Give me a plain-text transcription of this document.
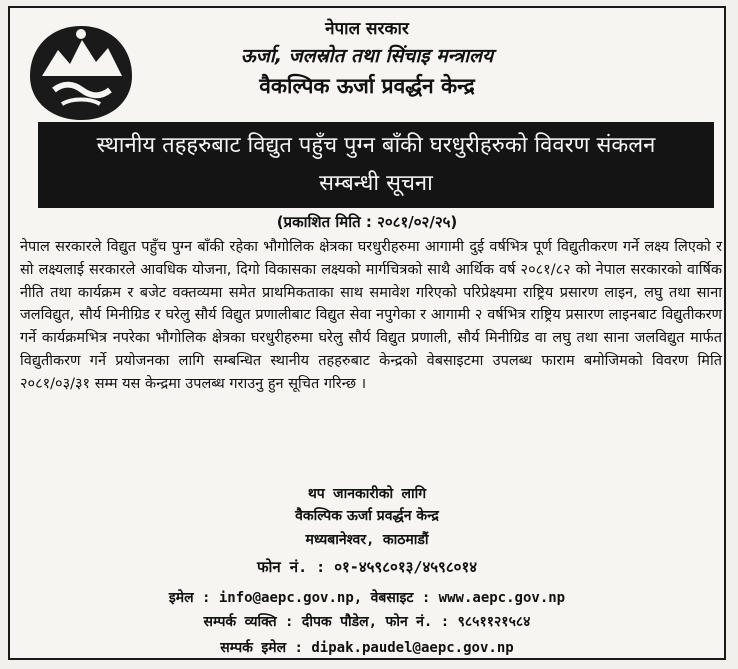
नेपाल सरकार
ऊर्जा, जलस्रोत तथा सिंचाइ मन्त्रालय
वैकल्पिक ऊर्जा प्रवर्द्धन केन्द्र
स्थानीय तहहरुबाट विद्युत पहुँच पुग्न बाँकी घरधुरीहरुको विवरण संकलन
सम्बन्धी सूचना
(प्रकाशित मिति : २०८१/०२/२५)
नेपाल सरकारले विद्युत पहुँच पुग्न बाँकी रहेका भौगोलिक क्षेत्रका घरधुरीहरुमा आगामी दुई वर्षभित्र पूर्ण विद्युतीकरण गर्ने लक्ष्य लिएको र सो लक्ष्यलाई सरकारले आवधिक योजना, दिगो विकासका लक्ष्यको मार्गचित्रको साथै आर्थिक वर्ष २०८१/८२ को नेपाल सरकारको वार्षिक नीति तथा कार्यक्रम र बजेट वक्तव्यमा समेत प्राथमिकताका साथ समावेश गरिएको परिप्रेक्ष्यमा राष्ट्रिय प्रसारण लाइन, लघु तथा साना जलविद्युत, सौर्य मिनीग्रिड र घरेलु सौर्य विद्युत प्रणालीबाट विद्युत सेवा नपुगेका र आगामी २ वर्षभित्र राष्ट्रिय प्रसारण लाइनबाट विद्युतीकरण गर्ने कार्यक्रमभित्र नपरेका भौगोलिक क्षेत्रका घरधुरीहरुमा घरेलु सौर्य विद्युत प्रणाली, सौर्य मिनीग्रिड वा लघु तथा साना जलविद्युत मार्फत विद्युतीकरण गर्ने प्रयोजनका लागि सम्बन्धित स्थानीय तहहरुबाट केन्द्रको वेबसाइटमा उपलब्ध फाराम बमोजिमको विवरण मिति २०८१/०३/३१ सम्म यस केन्द्रमा उपलब्ध गराउनु हुन सूचित गरिन्छ ।
थप जानकारीको लागि
वैकल्पिक ऊर्जा प्रवर्द्धन केन्द्र
मध्यबानेश्वर, काठमाडौं
फोन नं. : ०१-४५९८०१३/४५९८०१४
इमेल : info@aepc.gov.np, वेबसाइट : www.aepc.gov.np
सम्पर्क व्यक्ति : दीपक पौडेल, फोन नं. : ९८५११२१५८४
सम्पर्क इमेल : dipak.paudel@aepc.gov.np
